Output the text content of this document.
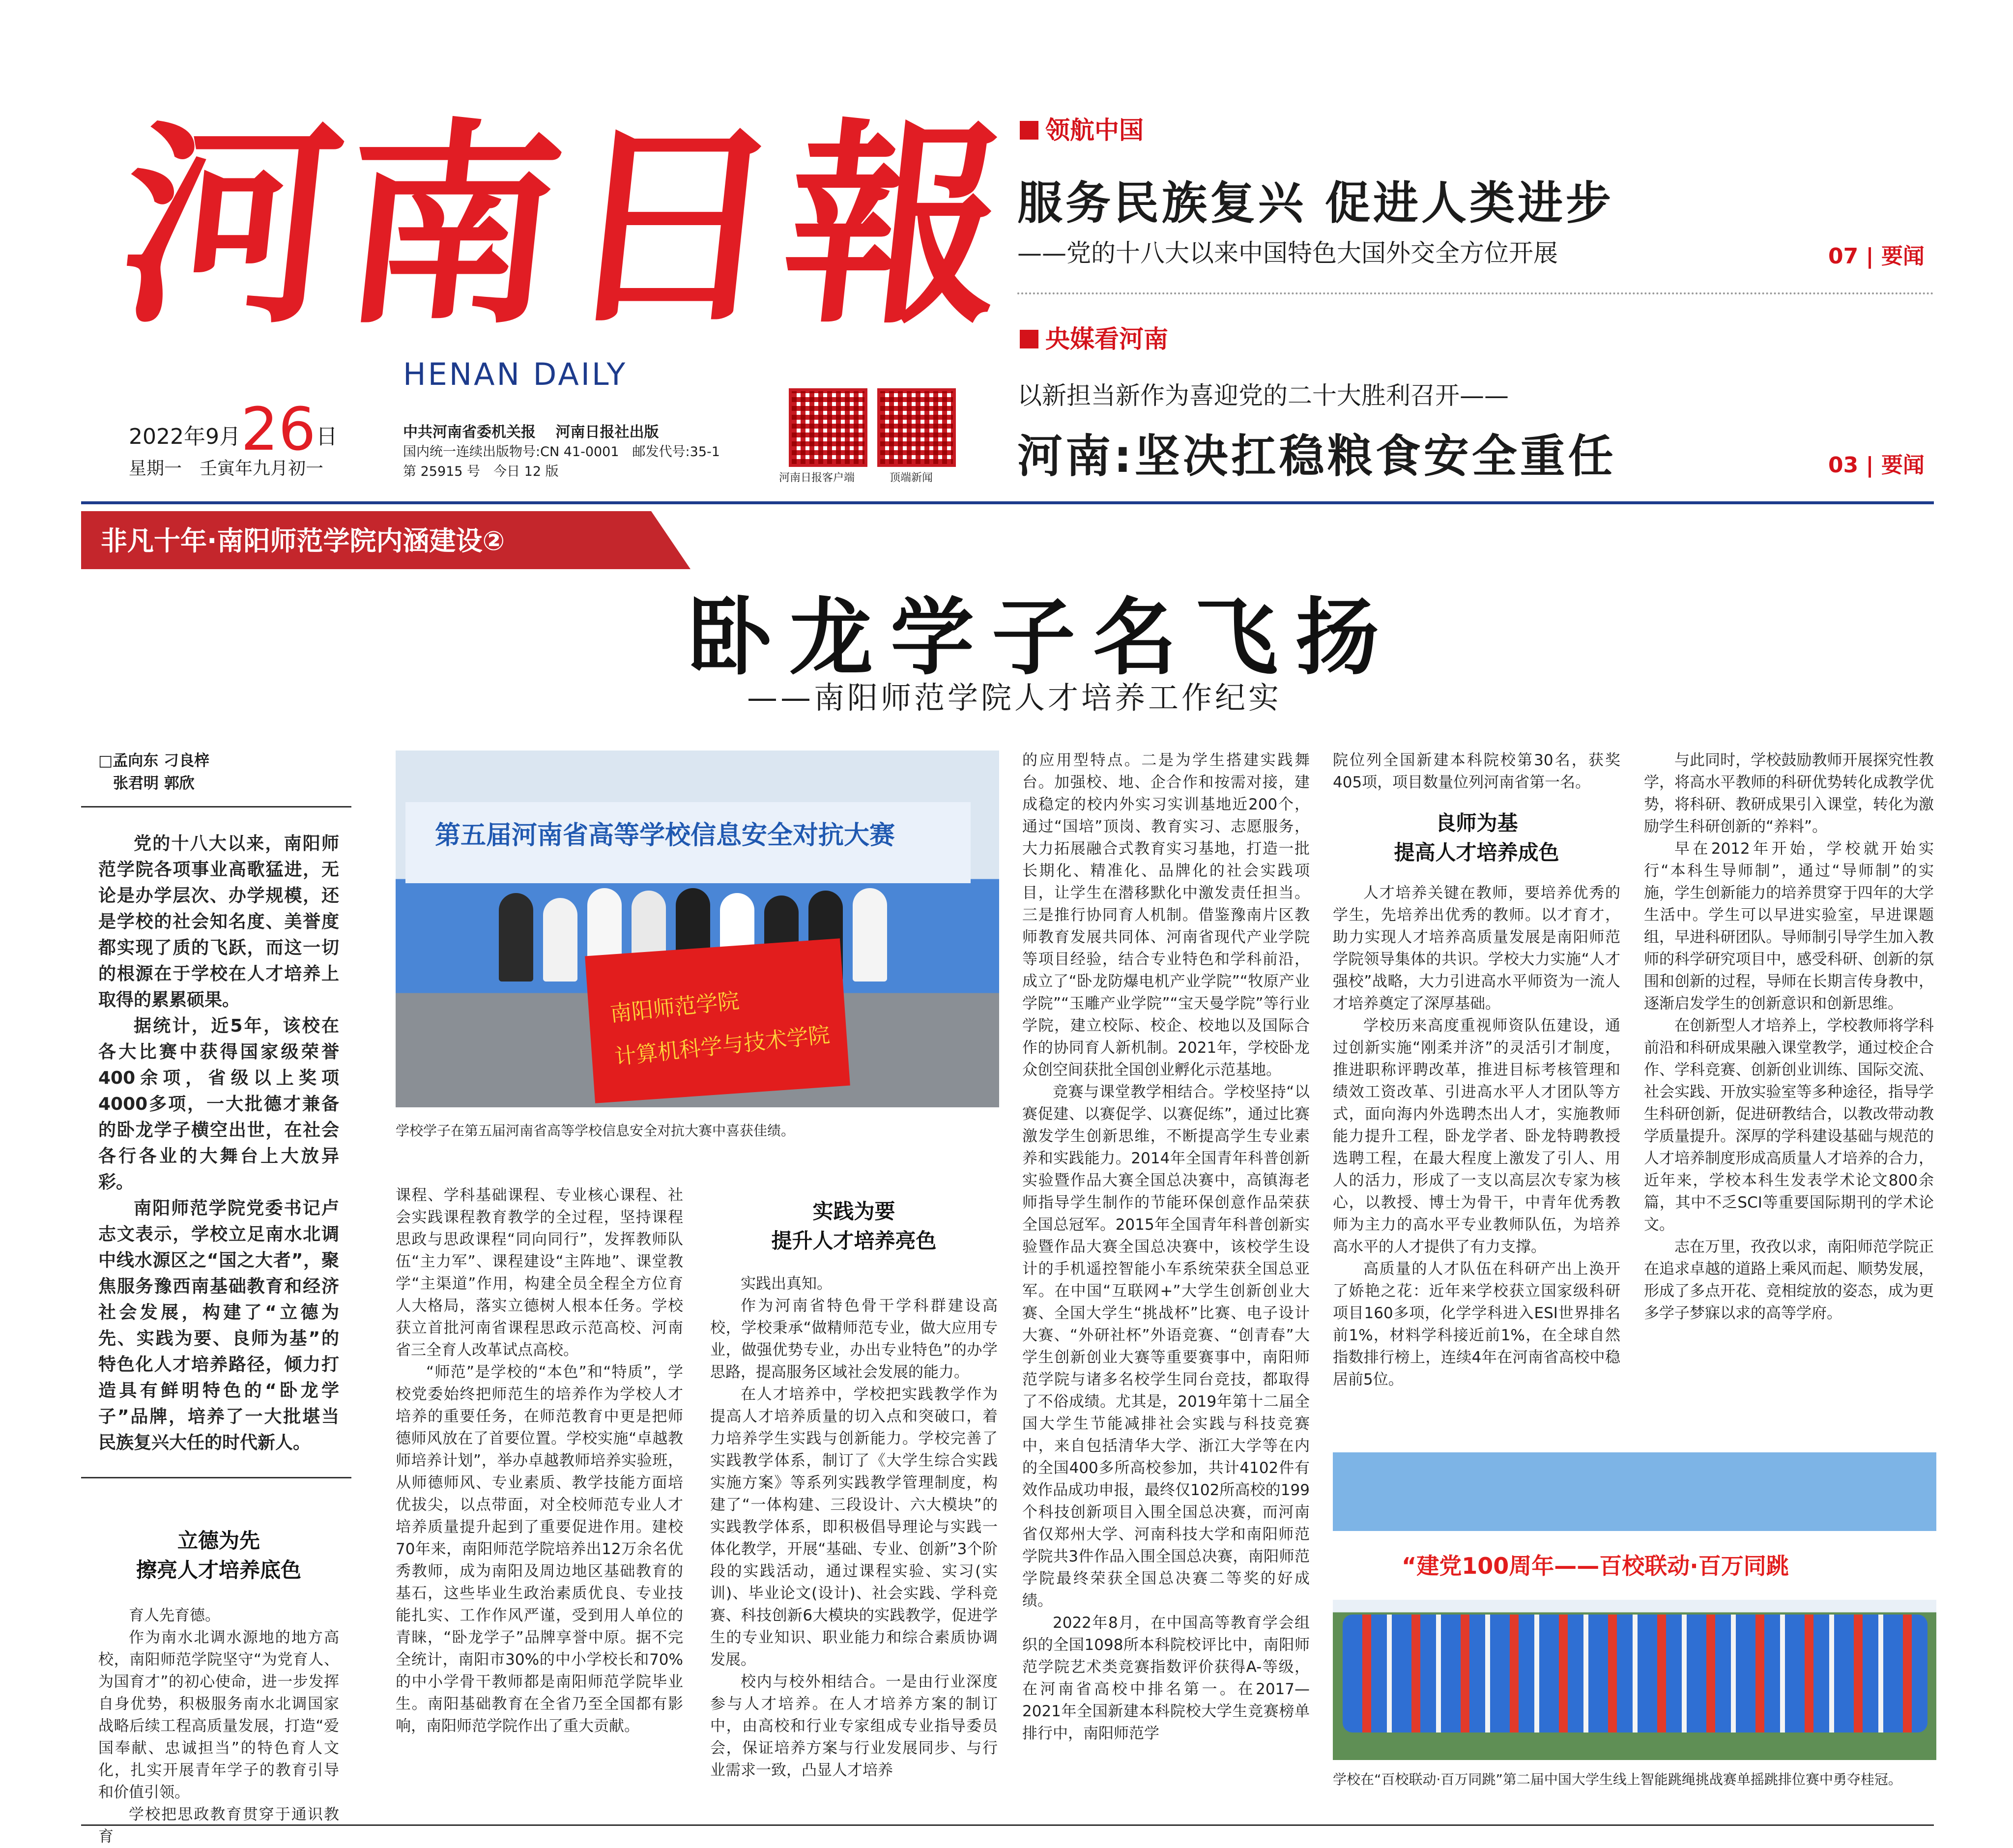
河南日報
HENAN DAILY
2022年9月26日
星期一　壬寅年九月初一
中共河南省委机关报　 河南日报社出版
国内统一连续出版物号:CN 41-0001　邮发代号:35-1
第 25915 号　今日 12 版	河南日报客户端	顶端新闻
领航中国
服务民族复兴 促进人类进步
——党的十八大以来中国特色大国外交全方位开展	07 | 要闻
央媒看河南
以新担当新作为喜迎党的二十大胜利召开——
河南:坚决扛稳粮食安全重任	03 | 要闻
非凡十年·南阳师范学院内涵建设②
卧龙学子名飞扬
——南阳师范学院人才培养工作纪实
□孟向东 刁良梓
张君明 郭欣

党的十八大以来，南阳师范学院各项事业高歌猛进，无论是办学层次、办学规模，还是学校的社会知名度、美誉度都实现了质的飞跃，而这一切的根源在于学校在人才培养上取得的累累硕果。

据统计，近5年，该校在各大比赛中获得国家级荣誉400余项，省级以上奖项4000多项，一大批德才兼备的卧龙学子横空出世，在社会各行各业的大舞台上大放异彩。

南阳师范学院党委书记卢志文表示，学校立足南水北调中线水源区之“国之大者”，聚焦服务豫西南基础教育和经济社会发展，构建了“立德为先、实践为要、良师为基”的特色化人才培养路径，倾力打造具有鲜明特色的“卧龙学子”品牌，培养了一大批堪当民族复兴大任的时代新人。

立德为先
擦亮人才培养底色

育人先育德。

作为南水北调水源地的地方高校，南阳师范学院坚守“为党育人、为国育才”的初心使命，进一步发挥自身优势，积极服务南水北调国家战略后续工程高质量发展，打造“爱国奉献、忠诚担当”的特色育人文化，扎实开展青年学子的教育引导和价值引领。

学校把思政教育贯穿于通识教育

第五届河南省高等学校信息安全对抗大赛
南阳师范学院
计算机科学与技术学院
学校学子在第五届河南省高等学校信息安全对抗大赛中喜获佳绩。

课程、学科基础课程、专业核心课程、社会实践课程教育教学的全过程，坚持课程思政与思政课程“同向同行”，发挥教师队伍“主力军”、课程建设“主阵地”、课堂教学“主渠道”作用，构建全员全程全方位育人大格局，落实立德树人根本任务。学校获立首批河南省课程思政示范高校、河南省三全育人改革试点高校。

“师范”是学校的“本色”和“特质”，学校党委始终把师范生的培养作为学校人才培养的重要任务，在师范教育中更是把师德师风放在了首要位置。学校实施“卓越教师培养计划”，举办卓越教师培养实验班，从师德师风、专业素质、教学技能方面培优拔尖，以点带面，对全校师范专业人才培养质量提升起到了重要促进作用。建校70年来，南阳师范学院培养出12万余名优秀教师，成为南阳及周边地区基础教育的基石，这些毕业生政治素质优良、专业技能扎实、工作作风严谨，受到用人单位的青睐，“卧龙学子”品牌享誉中原。据不完全统计，南阳市30%的中小学校长和70%的中小学骨干教师都是南阳师范学院毕业生。南阳基础教育在全省乃至全国都有影响，南阳师范学院作出了重大贡献。

实践为要
提升人才培养亮色

实践出真知。

作为河南省特色骨干学科群建设高校，学校秉承“做精师范专业，做大应用专业，做强优势专业，办出专业特色”的办学思路，提高服务区域社会发展的能力。

在人才培养中，学校把实践教学作为提高人才培养质量的切入点和突破口，着力培养学生实践与创新能力。学校完善了实践教学体系，制订了《大学生综合实践实施方案》等系列实践教学管理制度，构建了“一体构建、三段设计、六大模块”的实践教学体系，即积极倡导理论与实践一体化教学，开展“基础、专业、创新”3个阶段的实践活动，通过课程实验、实习(实训)、毕业论文(设计)、社会实践、学科竞赛、科技创新6大模块的实践教学，促进学生的专业知识、职业能力和综合素质协调发展。

校内与校外相结合。一是由行业深度参与人才培养。在人才培养方案的制订中，由高校和行业专家组成专业指导委员会，保证培养方案与行业发展同步、与行业需求一致，凸显人才培养

的应用型特点。二是为学生搭建实践舞台。加强校、地、企合作和按需对接，建成稳定的校内外实习实训基地近200个，通过“国培”顶岗、教育实习、志愿服务，大力拓展融合式教育实习基地，打造一批长期化、精准化、品牌化的社会实践项目，让学生在潜移默化中激发责任担当。三是推行协同育人机制。借鉴豫南片区教师教育发展共同体、河南省现代产业学院等项目经验，结合专业特色和学科前沿，成立了“卧龙防爆电机产业学院”“牧原产业学院”“玉雕产业学院”“宝天曼学院”等行业学院，建立校际、校企、校地以及国际合作的协同育人新机制。2021年，学校卧龙众创空间获批全国创业孵化示范基地。

竞赛与课堂教学相结合。学校坚持“以赛促建、以赛促学、以赛促练”，通过比赛激发学生创新思维，不断提高学生专业素养和实践能力。2014年全国青年科普创新实验暨作品大赛全国总决赛中，高镇海老师指导学生制作的节能环保创意作品荣获全国总冠军。2015年全国青年科普创新实验暨作品大赛全国总决赛中，该校学生设计的手机遥控智能小车系统荣获全国总亚军。在中国“互联网+”大学生创新创业大赛、全国大学生“挑战杯”比赛、电子设计大赛、“外研社杯”外语竞赛、“创青春”大学生创新创业大赛等重要赛事中，南阳师范学院与诸多名校学生同台竞技，都取得了不俗成绩。尤其是，2019年第十二届全国大学生节能减排社会实践与科技竞赛中，来自包括清华大学、浙江大学等在内的全国400多所高校参加，共计4102件有效作品成功申报，最终仅102所高校的199个科技创新项目入围全国总决赛，而河南省仅郑州大学、河南科技大学和南阳师范学院共3件作品入围全国总决赛，南阳师范学院最终荣获全国总决赛二等奖的好成绩。

2022年8月，在中国高等教育学会组织的全国1098所本科院校评比中，南阳师范学院艺术类竞赛指数评价获得A-等级，在河南省高校中排名第一。在2017—2021年全国新建本科院校大学生竞赛榜单排行中，南阳师范学

院位列全国新建本科院校第30名，获奖405项，项目数量位列河南省第一名。

良师为基
提高人才培养成色

人才培养关键在教师，要培养优秀的学生，先培养出优秀的教师。以才育才，助力实现人才培养高质量发展是南阳师范学院领导集体的共识。学校大力实施“人才强校”战略，大力引进高水平师资为一流人才培养奠定了深厚基础。

学校历来高度重视师资队伍建设，通过创新实施“刚柔并济”的灵活引才制度，推进职称评聘改革，推进目标考核管理和绩效工资改革、引进高水平人才团队等方式，面向海内外选聘杰出人才，实施教师能力提升工程，卧龙学者、卧龙特聘教授选聘工程，在最大程度上激发了引人、用人的活力，形成了一支以高层次专家为核心，以教授、博士为骨干，中青年优秀教师为主力的高水平专业教师队伍，为培养高水平的人才提供了有力支撑。

高质量的人才队伍在科研产出上涣开了娇艳之花：近年来学校获立国家级科研项目160多项，化学学科进入ESI世界排名前1%，材料学科接近前1%，在全球自然指数排行榜上，连续4年在河南省高校中稳居前5位。

与此同时，学校鼓励教师开展探究性教学，将高水平教师的科研优势转化成教学优势，将科研、教研成果引入课堂，转化为激励学生科研创新的“养料”。

早在2012年开始，学校就开始实行“本科生导师制”，通过“导师制”的实施，学生创新能力的培养贯穿于四年的大学生活中。学生可以早进实验室，早进课题组，早进科研团队。导师制引导学生加入教师的科学研究项目中，感受科研、创新的氛围和创新的过程，导师在长期言传身教中，逐渐启发学生的创新意识和创新思维。

在创新型人才培养上，学校教师将学科前沿和科研成果融入课堂教学，通过校企合作、学科竞赛、创新创业训练、国际交流、社会实践、开放实验室等多种途径，指导学生科研创新，促进研教结合，以教改带动教学质量提升。深厚的学科建设基础与规范的人才培养制度形成高质量人才培养的合力，近年来，学校本科生发表学术论文800余篇，其中不乏SCI等重要国际期刊的学术论文。

志在万里，孜孜以求，南阳师范学院正在追求卓越的道路上乘风而起、顺势发展，形成了多点开花、竞相绽放的姿态，成为更多学子梦寐以求的高等学府。

“建党100周年——百校联动·百万同跳
学校在“百校联动·百万同跳”第二届中国大学生线上智能跳绳挑战赛单摇跳排位赛中勇夺桂冠。
